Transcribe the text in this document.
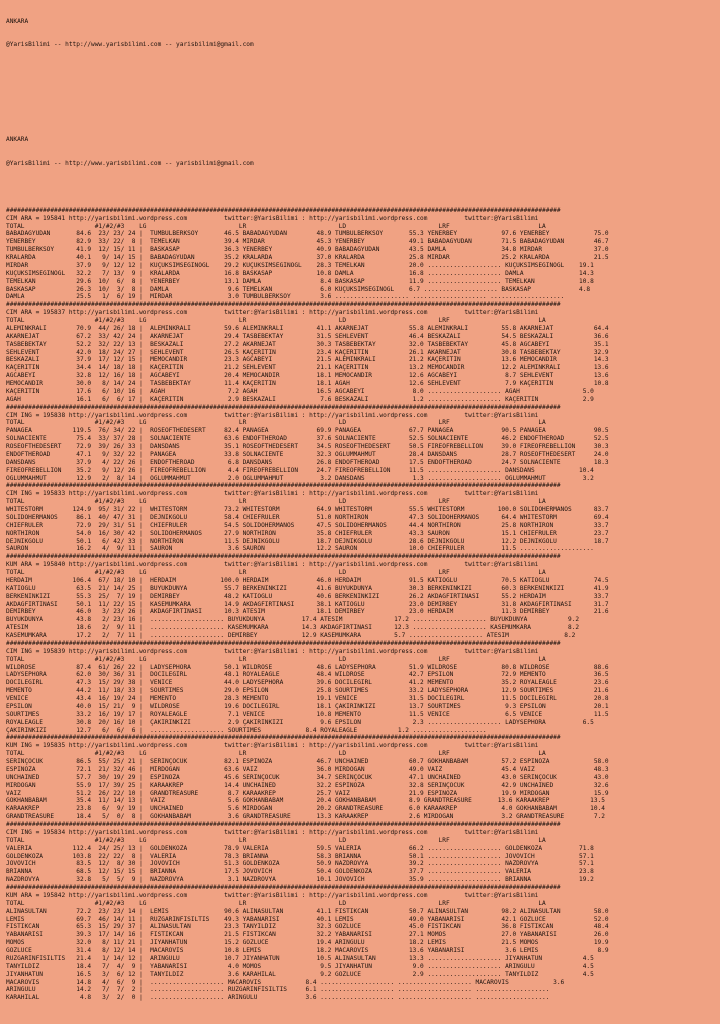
ANKARA

@YarisBilimi -- http://www.yarisbilimi.com -- yarisbilimi@gmail.com

ANKARA

@YarisBilimi -- http://www.yarisbilimi.com -- yarisbilimi@gmail.com

######################################################################################################################################################
CIM ARA = 195841 http://yarisbilimi.wordpress.com          twitter:@YarisBilimi : http://yarisbilimi.wordpress.com          twitter:@YarisBilimi
TOTAL                   #1/#2/#3    LG                         LR                         LD                         LRF                        LA
BABADAGYUDAN       84.6  23/ 23/ 24 |  TUMBULBERKSOY       46.5 BABADAGYUDAN        48.9 TUMBULBERKSOY       55.3 YENERBEY            97.6 YENERBEY            75.0
YENERBEY           82.9  33/ 22/  8 |  TEMELKAN            39.4 MIRDAR              45.3 YENERBEY            49.1 BABADAGYUDAN        71.5 BABADAGYUDAN        46.7
TUMBULBERKSOY      41.9  12/ 15/ 11 |  BASKASAP            36.3 YENERBEY            40.9 BABADAGYUDAN        43.5 DAMLA               34.8 MIRDAR              37.0
KRALARDA           40.1   9/ 14/ 15 |  BABADAGYUDAN        35.2 KRALARDA            37.0 KRALARDA            25.8 MIRDAR              25.2 KRALARDA            21.5
MIRDAR             37.9   9/ 12/ 12 |  KÜÇÜKSIMSEGINOGL    29.2 KÜÇÜKSIMSEGINOGL    28.3 TEMELKAN            20.0 .................... KÜÇÜKSIMSEGINOGL    19.1
KÜÇÜKSIMSEGINOGL   32.2   7/ 13/  9 |  KRALARDA            16.8 BASKASAP            10.8 DAMLA               16.8 .................... DAMLA               14.3
TEMELKAN           29.6  10/  6/  8 |  YENERBEY            13.1 DAMLA                8.4 BASKASAP            11.9 .................... TEMELKAN            10.8
BASKASAP           26.3  10/  3/  8 |  DAMLA                9.6 TEMELKAN             6.0 KÜÇÜKSIMSEGINOGL    6.7 .................... BASKASAP             4.8
DAMLA              25.5   1/  6/ 19 |  MIRDAR               3.0 TUMBULBERKSOY        3.6 .................... .................... ....................
######################################################################################################################################################
CIM ARA = 195837 http://yarisbilimi.wordpress.com          twitter:@YarisBilimi : http://yarisbilimi.wordpress.com          twitter:@YarisBilimi
TOTAL                   #1/#2/#3    LG                         LR                         LD                         LRF                        LA
ALEMINKRALI        70.9  44/ 26/ 18 |  ALEMINKRALI         59.6 ALEMINKRALI         41.1 AKARNEJAT           55.8 ALEMINKRALI         55.8 AKARNEJAT           64.4
AKARNEJAT          67.2  33/ 42/ 24 |  AKARNEJAT           29.4 TASBEBEKTAY         31.5 SEHLEVENT           46.4 BESKAZALI           54.5 BESKAZALI           36.6
TASBEBEKTAY        52.2  32/ 22/ 13 |  BESKAZALI           27.2 AKARNEJAT           30.3 TASBEBEKTAY         32.0 TASBEBEKTAY         45.8 AGCABEYI            35.1
SEHLEVENT          42.0  18/ 24/ 27 |  SEHLEVENT           26.5 KAÇERITIN           23.4 KAÇERITIN           26.1 AKARNEJAT           30.8 TASBEBEKTAY         32.9
BESKAZALI          37.9  17/ 12/ 15 |  MEMOCANDIR          23.3 AGCABEYI            21.5 ALEMINKRALI         21.2 KAÇERITIN           13.6 MEMOCANDIR          14.3
KAÇERITIN          34.4  14/ 18/ 18 |  KAÇERITIN           21.2 SEHLEVENT           21.1 KAÇERITIN           13.2 MEMOCANDIR          12.2 ALEMINKRALI         13.6
AGCABEYI           32.8  12/ 16/ 18 |  AGCABEYI            20.4 MEMOCANDIR          18.1 MEMOCANDIR          12.6 AGCABEYI             8.7 SEHLEVENT           13.6
MEMOCANDIR         30.0   8/ 14/ 24 |  TASBEBEKTAY         11.4 KAÇERITIN           18.1 AGAH                12.6 SEHLEVENT            7.9 KAÇERITIN           10.8
KAÇERITIN          17.6   6/ 10/ 16 |  AGAH                 7.2 AGAH                16.5 AGCABEYI             8.0 .................... AGAH                 5.0
AGAH               16.1   6/  6/ 17 |  KAÇERITIN            2.9 BESKAZALI            7.6 BESKAZALI            1.2 .................... KAÇERITIN            2.9
######################################################################################################################################################
CIM ING = 195838 http://yarisbilimi.wordpress.com          twitter:@YarisBilimi : http://yarisbilimi.wordpress.com          twitter:@YarisBilimi
TOTAL                   #1/#2/#3    LG                         LR                         LD                         LRF                        LA
PANAGEA           119.5  76/ 34/ 22 |  ROSEOFTHEDESERT     82.4 PANAGEA             69.9 PANAGEA             67.7 PANAGEA             90.5 PANAGEA             90.5
SOLNACIENTE        75.4  33/ 37/ 28 |  SOLNACIENTE         63.6 ENDOFTHEROAD        37.6 SOLNACIENTE         52.5 SOLNACIENTE         46.2 ENDOFTHEROAD        52.5
ROSEOFTHEDESERT    72.9  39/ 26/ 33 |  DANSDANS            35.1 ROSEOFTHEDESERT     34.5 ROSEOFTHEDESERT     50.5 FIREOFREBELLION     39.0 FIREOFREBELLION     30.3
ENDOFTHEROAD       47.1   9/ 32/ 22 |  PANAGEA             33.8 SOLNACIENTE         32.3 OGLUMMAHMUT         28.4 DANSDANS            28.7 ROSEOFTHEDESERT     24.0
DANSDANS           37.9   4/ 22/ 26 |  ENDOFTHEROAD         6.8 DANSDANS            26.8 ENDOFTHEROAD        17.5 ENDOFTHEROAD        24.7 SOLNACIENTE         18.3
FIREOFREBELLION    35.2   9/ 12/ 26 |  FIREOFREBELLION      4.4 FIREOFREBELLION     24.7 FIREOFREBELLION     11.5 .................... DANSDANS            10.4
OGLUMMAHMUT        12.9   2/  8/ 14 |  OGLUMMAHMUT          2.0 OGLUMMAHMUT          3.2 DANSDANS             1.3 .................... OGLUMMAHMUT          3.2
######################################################################################################################################################
CIM ING = 195833 http://yarisbilimi.wordpress.com          twitter:@YarisBilimi : http://yarisbilimi.wordpress.com          twitter:@YarisBilimi
TOTAL                   #1/#2/#3    LG                         LR                         LD                         LRF                        LA
WHITESTORM        124.9  95/ 31/ 22 |  WHITESTORM          73.2 WHITESTORM          64.9 WHITESTORM          55.5 WHITESTORM         100.0 SOLIDOHERMANOS      83.7
SOLIDOHERMANOS     86.1  40/ 47/ 31 |  DEJNIKGÖLÜ          58.4 CHIEFRULER          51.0 NORTHIRON           47.3 SOLIDOHERMANOS      64.4 WHITESTORM          69.4
CHIEFRULER         72.9  29/ 31/ 51 |  CHIEFRULER          54.5 SOLIDOHERMANOS      47.5 SOLIDOHERMANOS      44.4 NORTHIRON           25.8 NORTHIRON           33.7
NORTHIRON          54.0  16/ 30/ 42 |  SOLIDOHERMANOS      27.9 NORTHIRON           35.8 CHIEFRULER          43.3 SAURON              15.1 CHIEFRULER          23.7
DEJNIKGÖLÜ         50.1   6/ 42/ 33 |  NORTHIRON           11.5 DEJNIKGÖLÜ          18.7 DEJNIKGÖLÜ          28.6 DEJNIKGÖLÜ          12.2 DEJNIKGÖLÜ          18.7
SAURON             16.2   4/  9/ 11 |  SAURON               3.6 SAURON              12.2 SAURON              10.0 CHIEFRULER          11.5 ....................
######################################################################################################################################################
KUM ARA = 195840 http://yarisbilimi.wordpress.com          twitter:@YarisBilimi : http://yarisbilimi.wordpress.com          twitter:@YarisBilimi
TOTAL                   #1/#2/#3    LG                         LR                         LD                         LRF                        LA
HERDAIM           106.4  67/ 18/ 10 |  HERDAIM            100.0 HERDAIM             46.0 HERDAIM             91.5 KATIOGLU            70.5 KATIOGLU            74.5
KATIOGLU           63.5  21/ 14/ 25 |  BÜYÜKDÜNYA          55.7 BERKENINKIZI        41.6 BÜYÜKDÜNYA          30.3 BERKENINKIZI        60.3 BERKENINKIZI        41.9
BERKENINKIZI       55.3  25/  7/ 19 |  DEMIRBEY            48.2 KATIOGLU            40.6 BERKENINKIZI        26.2 AKDAGFIRTINASI      55.2 HERDAIM             33.7
AKDAGFIRTINASI     50.1  11/ 22/ 15 |  KASEMUMKARA         14.9 AKDAGFIRTINASI      38.1 KATIOGLU            23.0 DEMIRBEY            31.8 AKDAGFIRTINASI      31.7
DEMIRBEY           46.0   3/ 23/ 26 |  AKDAGFIRTINASI      10.3 ATESIM              18.1 DEMIRBEY            23.0 HERDAIM             11.3 DEMIRBEY            21.6
BÜYÜKDÜNYA         43.8   2/ 23/ 16 |  .................... BÜYÜKDÜNYA          17.4 ATESIM              17.2 .................... BÜYÜKDÜNYA           9.2
ATESIM             18.6   2/  9/ 11 |  .................... KASEMUMKARA         14.3 AKDAGFIRTINASI      12.3 .................... KASEMUMKARA          8.2
KASEMUMKARA        17.2   2/  7/ 11 |  .................... DEMIRBEY            12.9 KASEMUMKARA         5.7 .................... ATESIM               8.2
######################################################################################################################################################
CIM ING = 195839 http://yarisbilimi.wordpress.com          twitter:@YarisBilimi : http://yarisbilimi.wordpress.com          twitter:@YarisBilimi
TOTAL                   #1/#2/#3    LG                         LR                         LD                         LRF                        LA
WILDROSE           87.4  61/ 26/ 22 |  LADYSEPHORA         50.1 WILDROSE            48.6 LADYSEPHORA         51.9 WILDROSE            80.8 WILDROSE            88.6
LADYSEPHORA        62.0  30/ 36/ 31 |  DOCILEGIRL          48.1 ROYALEAGLE          48.4 WILDROSE            42.7 EPSILON             72.9 MEMENTO             36.5
DOCILEGIRL         47.3  15/ 29/ 38 |  VENICE              44.0 LADYSEPHORA         39.6 DOCILEGIRL          41.2 MEMENTO             35.2 ROYALEAGLE          23.6
MEMENTO            44.2  11/ 18/ 33 |  SOURTIMES           29.0 EPSILON             25.8 SOURTIMES           33.2 LADYSEPHORA         12.9 SOURTIMES           21.6
VENICE             43.4  16/ 19/ 24 |  MEMENTO             28.3 MEMENTO             19.1 VENICE              31.5 DOCILEGIRL          11.5 DOCILEGIRL          20.8
EPSILON            40.0  15/ 21/  9 |  WILDROSE            19.6 DOCILEGIRL          18.1 ÇAKIRINKIZI         13.7 SOURTIMES            9.3 EPSILON             20.1
SOURTIMES          33.2  16/ 19/ 17 |  ROYALEAGLE           7.1 VENICE              10.8 MEMENTO             11.5 VENICE               6.5 VENICE              11.5
ROYALEAGLE         30.8  20/ 16/ 10 |  ÇAKIRINKIZI          2.9 ÇAKIRINKIZI          9.6 EPSILON              2.3 .................... LADYSEPHORA          6.5
ÇAKIRINKIZI        12.7   6/  6/  6 |  .................... SOURTIMES            8.4 ROYALEAGLE           1.2 ....................
######################################################################################################################################################
KUM ING = 195835 http://yarisbilimi.wordpress.com          twitter:@YarisBilimi : http://yarisbilimi.wordpress.com          twitter:@YarisBilimi
TOTAL                   #1/#2/#3    LG                         LR                         LD                         LRF                        LA
SERINÇOCUK         86.5  55/ 25/ 21 |  SERINÇOCUK          82.1 ESPINOZA            46.7 UNCHAINED           60.7 GÖKHANBABAM         57.2 ESPINOZA            58.0
ESPINOZA           72.1  21/ 32/ 46 |  MIRDOGAN            63.6 VAIZ                36.0 MIRDOGAN            49.0 VAIZ                45.4 VAIZ                48.3
UNCHAINED          57.7  30/ 19/ 29 |  ESPINOZA            45.6 SERINÇOCUK          34.7 SERINÇOCUK          47.1 UNCHAINED           43.0 SERINÇOCUK          43.0
MIRDOGAN           55.9  17/ 39/ 25 |  KARAAKREP           14.4 UNCHAINED           32.2 ESPINOZA            32.8 SERINÇOCUK          42.9 UNCHAINED           32.6
VAIZ               51.2  26/ 22/ 10 |  GRANDTREASURE        8.7 KARAAKREP           25.7 VAIZ                21.9 ESPINOZA            19.9 MIRDOGAN            15.9
GÖKHANBABAM        35.4  11/ 14/ 13 |  VAIZ                 5.6 GÖKHANBABAM         20.4 GÖKHANBABAM         8.9 GRANDTREASURE       13.6 KARAAKREP           13.5
KARAAKREP          23.8   6/  9/ 19 |  UNCHAINED            5.6 MIRDOGAN            20.2 GRANDTREASURE       6.0 KARAAKREP            4.0 GÖKHANBABAM         10.4
GRANDTREASURE      18.4   5/  0/  8 |  GÖKHANBABAM          3.6 GRANDTREASURE       13.3 KARAAKREP           2.6 MIRDOGAN             3.2 GRANDTREASURE        7.2
######################################################################################################################################################
CIM ING = 195834 http://yarisbilimi.wordpress.com          twitter:@YarisBilimi : http://yarisbilimi.wordpress.com          twitter:@YarisBilimi
TOTAL                   #1/#2/#3    LG                         LR                         LD                         LRF                        LA
VALERIA           112.4  24/ 25/ 13 |  GOLDENKOZA          78.9 VALERIA             59.5 VALERIA             66.2 .................... GOLDENKOZA          71.8
GOLDENKOZA        103.8  22/ 22/  8 |  VALERIA             78.3 BRIANNA             58.3 BRIANNA             50.1 .................... JOVOVICH            57.1
JOVOVICH           83.5  12/  8/ 30 |  JOVOVICH            51.3 GOLDENKOZA          50.9 NAZDROVYA           39.2 .................... NAZDROVYA           57.1
BRIANNA            68.5  12/ 15/ 15 |  BRIANNA             17.5 JOVOVICH            50.4 GOLDENKOZA          37.7 .................... VALERIA             23.8
NAZDROVYA          32.8   5/  5/  9 |  NAZDROVYA            3.1 NAZDROVYA           10.1 JOVOVICH            35.9 .................... BRIANNA             19.2
######################################################################################################################################################
KUM ARA = 195842 http://yarisbilimi.wordpress.com          twitter:@YarisBilimi : http://yarisbilimi.wordpress.com          twitter:@YarisBilimi
TOTAL                   #1/#2/#3    LG                         LR                         LD                         LRF                        LA
ALINASULTAN        72.2  23/ 23/ 14 |  LEMIS               90.6 ALINASULTAN         41.1 FISTIKCAN           50.7 ALINASULTAN         98.2 ALINASULTAN         58.0
LEMIS              69.7  46/ 14/ 11 |  RÜZGARINFISILTIS    49.3 YABANARISI          40.1 LEMIS               49.0 YABANARISI          42.1 GÖZLÜCE             52.0
FISTIKCAN          65.3  15/ 29/ 37 |  ALINASULTAN         23.3 TANYILDIZ           32.3 GÖZLÜCE             45.0 FISTIKCAN           36.8 FISTIKCAN           48.4
YABANARISI         39.3  17/ 14/ 16 |  FISTIKCAN           21.5 FISTIKCAN           32.2 YABANARISI          27.1 MOMOS               27.0 YABANARISI          26.0
MOMOS              32.0   8/ 11/ 21 |  JIYANHATUN          15.2 GÖZLÜCE             19.4 ARINGÜLÜ            18.2 LEMIS               21.5 MOMOS               19.9
GÖZLÜCE            31.4   8/ 12/ 14 |  MACAROVIS           10.8 LEMIS               18.2 MACAROVIS           13.6 YABANARISI           3.6 LEMIS                8.9
RÜZGARINFISILTIS   21.4   1/ 14/ 12 |  ARINGÜLÜ            10.7 JIYANHATUN          10.5 ALINASULTAN         13.3 .................... JIYANHATUN           4.5
TANYILDIZ          18.4   7/  4/  9 |  YABANARISI           4.0 MOMOS                9.5 JIYANHATUN           9.0 .................... ARINGÜLÜ             4.5
JIYANHATUN         16.5   3/  6/ 12 |  TANYILDIZ            3.6 KARAHILAL            9.2 GÖZLÜCE              2.9 .................... TANYILDIZ            4.5
MACAROVIS          14.8   4/  6/  9 |  .................... MACAROVIS            8.4 .................... .................... MACAROVIS            3.6
ARINGÜLÜ           14.2   7/  7/  2 |  .................... RÜZGARINFISILTIS     6.1 .................... .................... ....................
KARAHILAL           4.8   3/  2/  0 |  .................... ARINGÜLÜ             3.6 .................... .................... ....................
